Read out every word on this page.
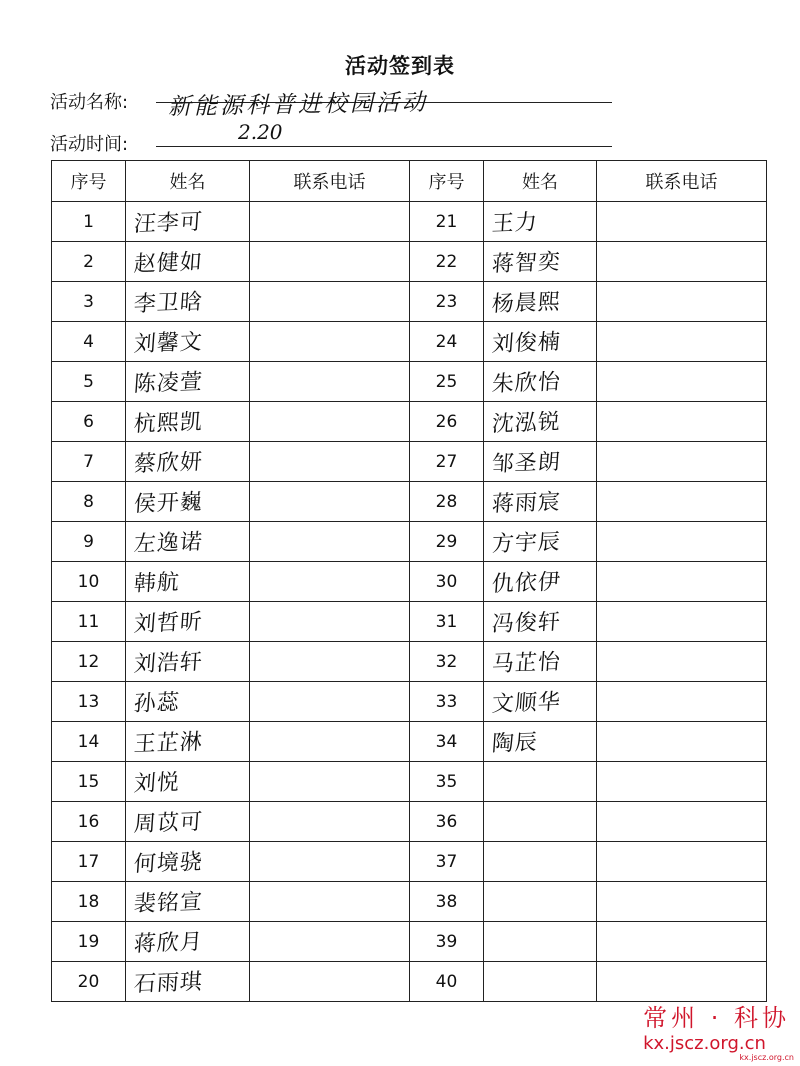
活动签到表
活动名称: 新能源科普进校园活动
活动时间:
2.20
序号	姓名	联系电话	序号	姓名	联系电话
1	汪李可		21	王力	
2	赵健如		22	蒋智奕	
3	李卫晗		23	杨晨熙	
4	刘馨文		24	刘俊楠	
5	陈凌萱		25	朱欣怡	
6	杭熙凯		26	沈泓锐	
7	蔡欣妍		27	邹圣朗	
8	侯开巍		28	蒋雨宸	
9	左逸诺		29	方宇辰	
10	韩航		30	仇依伊	
11	刘哲昕		31	冯俊轩	
12	刘浩轩		32	马芷怡	
13	孙蕊		33	文顺华	
14	王芷淋		34	陶辰	
15	刘悦		35		
16	周苡可		36		
17	何境骁		37		
18	裴铭宣		38		
19	蒋欣月		39		
20	石雨琪		40		
常州 · 科协
kx.jscz.org.cn
kx.jscz.org.cn
